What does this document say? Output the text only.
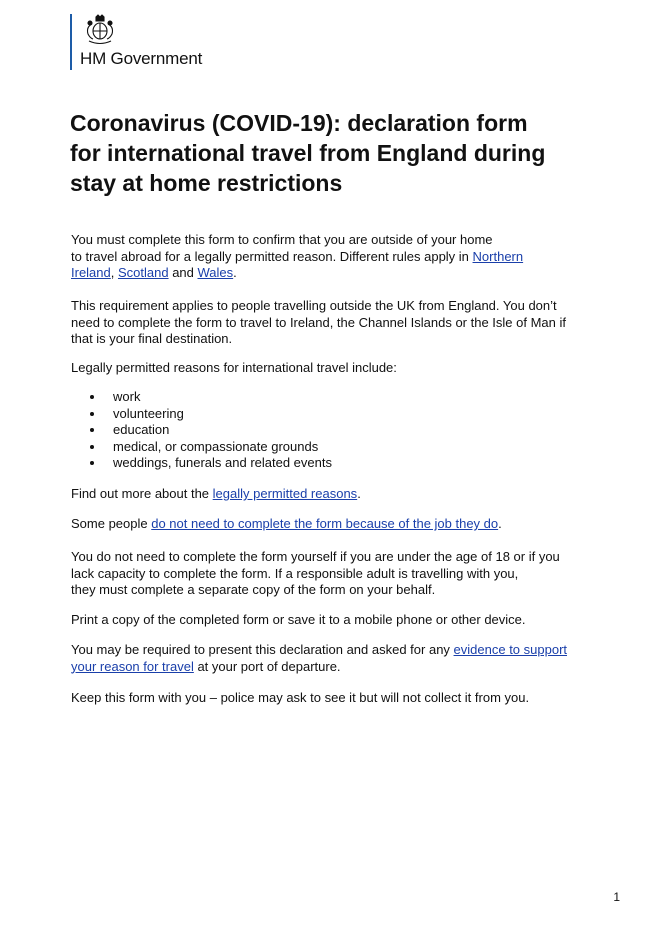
HM Government
Coronavirus (COVID-19): declaration form
for international travel from England during
stay at home restrictions

You must complete this form to confirm that you are outside of your home
to travel abroad for a legally permitted reason. Different rules apply in Northern
Ireland, Scotland and Wales.

This requirement applies to people travelling outside the UK from England. You don’t
need to complete the form to travel to Ireland, the Channel Islands or the Isle of Man if
that is your final destination.

Legally permitted reasons for international travel include:

work
volunteering
education
medical, or compassionate grounds
weddings, funerals and related events

Find out more about the legally permitted reasons.

Some people do not need to complete the form because of the job they do.

You do not need to complete the form yourself if you are under the age of 18 or if you
lack capacity to complete the form. If a responsible adult is travelling with you,
they must complete a separate copy of the form on your behalf.

Print a copy of the completed form or save it to a mobile phone or other device.

You may be required to present this declaration and asked for any evidence to support
your reason for travel at your port of departure.

Keep this form with you – police may ask to see it but will not collect it from you.

1
